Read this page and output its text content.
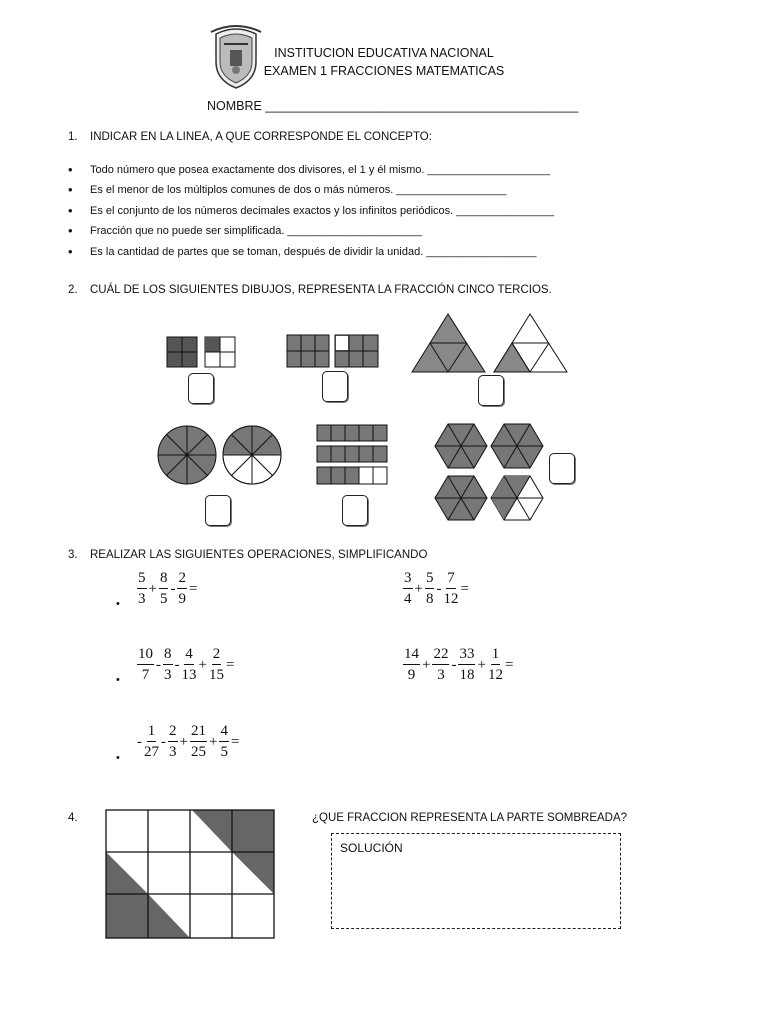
INSTITUCION EDUCATIVA NACIONAL
EXAMEN 1 FRACCIONES MATEMATICAS
NOMBRE _____________________________________________
1. INDICAR EN LA LINEA, A QUE CORRESPONDE EL CONCEPTO:
• Todo número que posea exactamente dos divisores, el 1 y él mismo. ____________________
• Es el menor de los múltiplos comunes de dos o más números. __________________
• Es el conjunto de los números decimales exactos y los infinitos periódicos. ________________
• Fracción que no puede ser simplificada. ______________________
• Es la cantidad de partes que se toman, después de dividir la unidad. __________________
2. CUÁL DE LOS SIGUIENTES DIBUJOS, REPRESENTA LA FRACCIÓN CINCO TERCIOS.
3. REALIZAR LAS SIGUIENTES OPERACIONES, SIMPLIFICANDO
• $\frac{5}{3} + \frac{8}{5} - \frac{2}{9}$ =	$\frac{3}{4} + \frac{5}{8} - \frac{7}{12}$ =
• $\frac{10}{7} - \frac{8}{3} - \frac{4}{13} + \frac{2}{15}$ =	$\frac{14}{9} + \frac{22}{3} - \frac{33}{18} + \frac{1}{12}$ =
•
- $\frac{1}{27} - \frac{2}{3} + \frac{21}{25} + \frac{4}{5}$ =
4.	¿QUE FRACCION REPRESENTA LA PARTE SOMBREADA?
SOLUCIÓN
